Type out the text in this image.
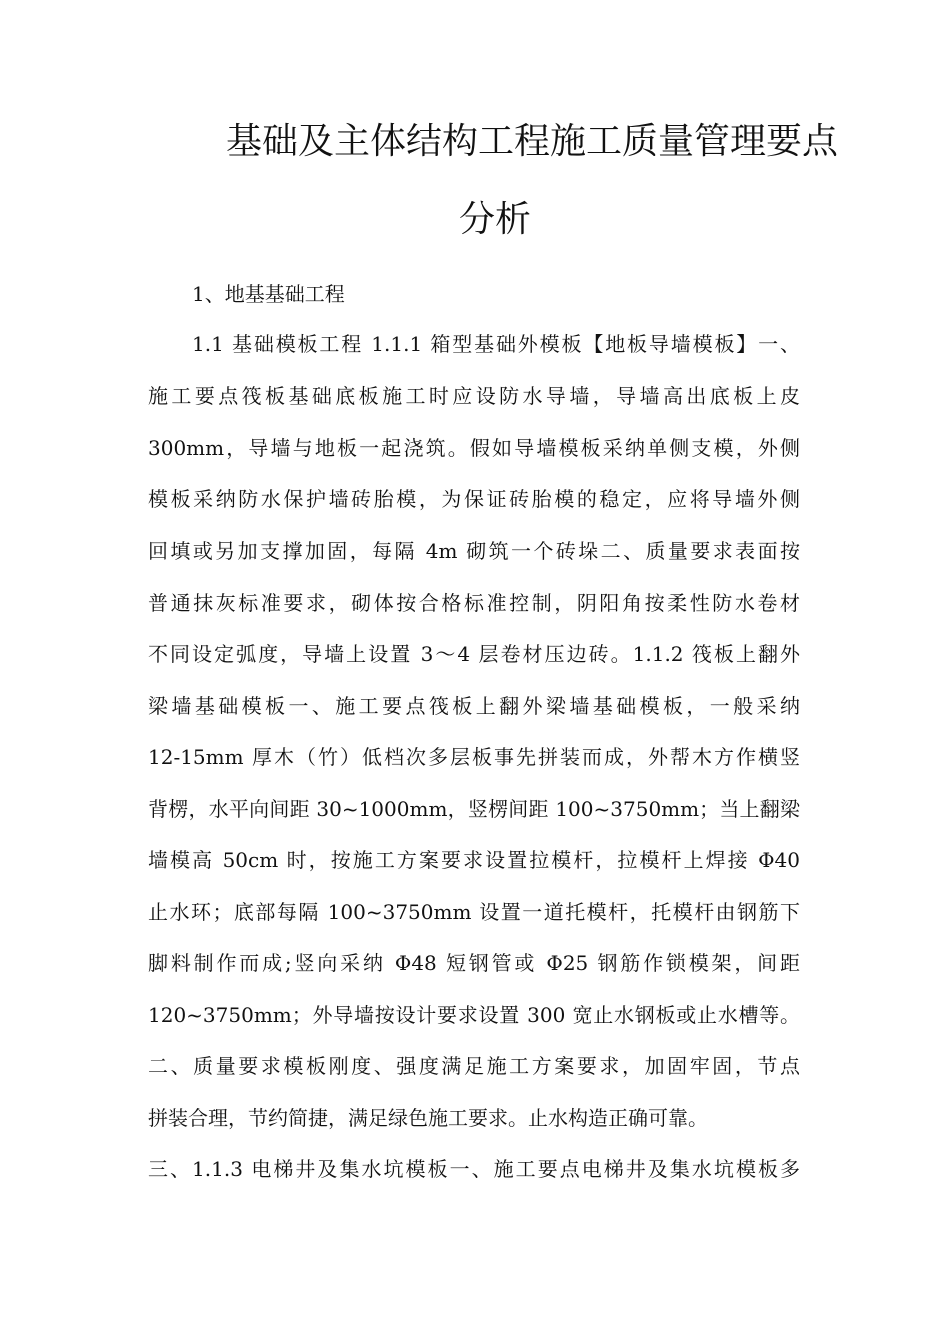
基础及主体结构工程施工质量管理要点
分析
1、地基基础工程
1.1 基础模板工程 1.1.1 箱型基础外模板【地板导墙模板】一、
施工要点筏板基础底板施工时应设防水导墙，导墙高出底板上皮
300mm，导墙与地板一起浇筑。假如导墙模板采纳单侧支模，外侧
模板采纳防水保护墙砖胎模，为保证砖胎模的稳定，应将导墙外侧
回填或另加支撑加固，每隔 4m 砌筑一个砖垛二、质量要求表面按
普通抹灰标准要求，砌体按合格标准控制，阴阳角按柔性防水卷材
不同设定弧度，导墙上设置 3～4 层卷材压边砖。1.1.2 筏板上翻外
梁墙基础模板一、施工要点筏板上翻外梁墙基础模板，一般采纳
12-15mm 厚木（竹）低档次多层板事先拼装而成，外帮木方作横竖
背楞，水平向间距 30~1000mm，竖楞间距 100~3750mm；当上翻梁
墙模高 50cm 时，按施工方案要求设置拉模杆，拉模杆上焊接 Φ40
止水环；底部每隔 100~3750mm 设置一道托模杆，托模杆由钢筋下
脚料制作而成;竖向采纳 Φ48 短钢管或 Φ25 钢筋作锁模架，间距
120~3750mm；外导墙按设计要求设置 300 宽止水钢板或止水槽等。
二、质量要求模板刚度、强度满足施工方案要求，加固牢固，节点
拼装合理，节约简捷，满足绿色施工要求。止水构造正确可靠。
三、1.1.3 电梯井及集水坑模板一、施工要点电梯井及集水坑模板多
